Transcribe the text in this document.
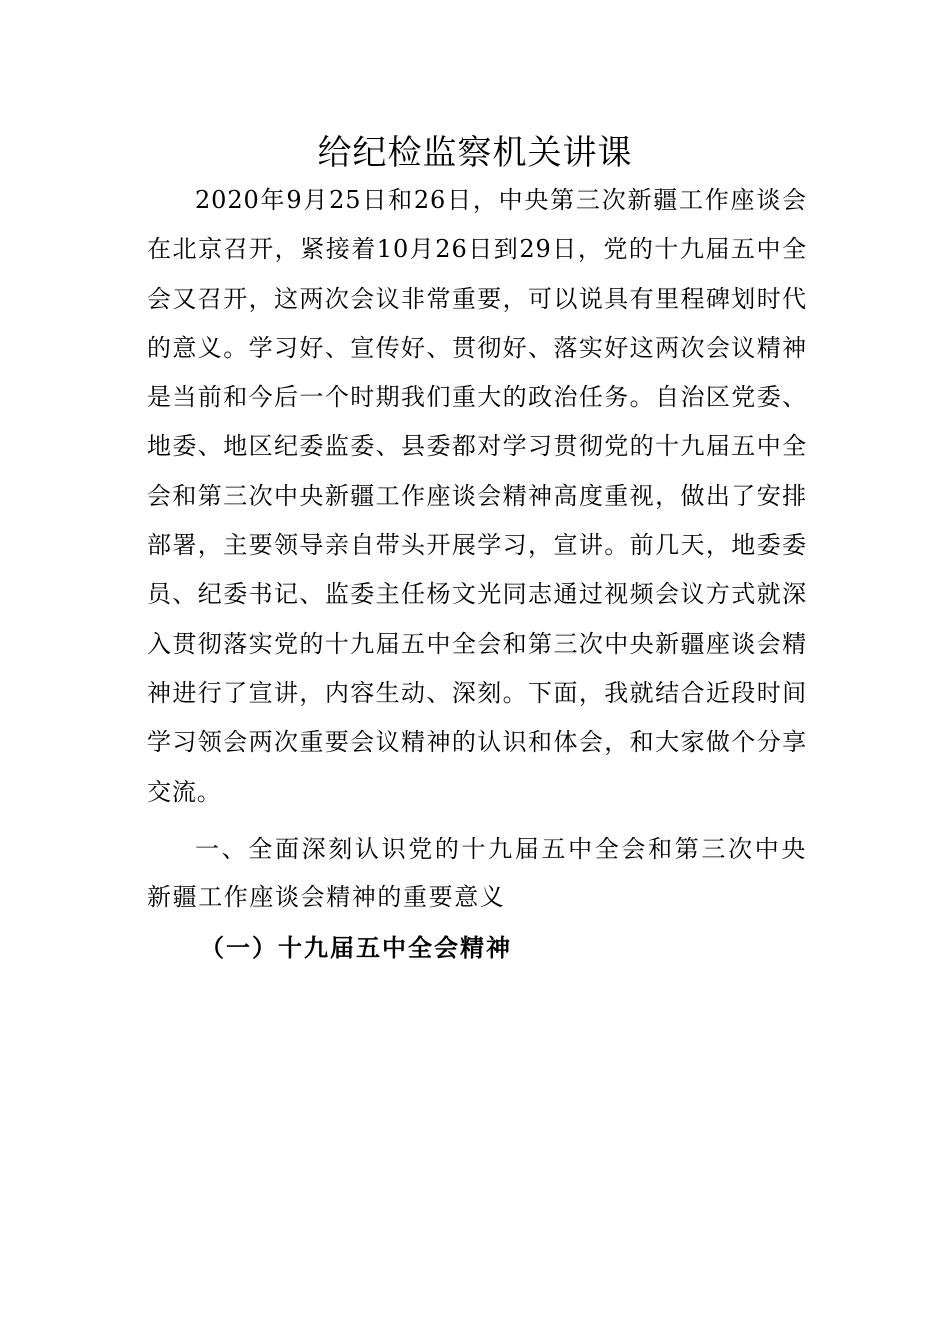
给纪检监察机关讲课

2020年9月25日和26日，中央第三次新疆工作座谈会在北京召开，紧接着10月26日到29日，党的十九届五中全会又召开，这两次会议非常重要，可以说具有里程碑划时代的意义。学习好、宣传好、贯彻好、落实好这两次会议精神是当前和今后一个时期我们重大的政治任务。自治区党委、地委、地区纪委监委、县委都对学习贯彻党的十九届五中全会和第三次中央新疆工作座谈会精神高度重视，做出了安排部署，主要领导亲自带头开展学习，宣讲。前几天，地委委员、纪委书记、监委主任杨文光同志通过视频会议方式就深入贯彻落实党的十九届五中全会和第三次中央新疆座谈会精神进行了宣讲，内容生动、深刻。下面，我就结合近段时间学习领会两次重要会议精神的认识和体会，和大家做个分享交流。

一、全面深刻认识党的十九届五中全会和第三次中央新疆工作座谈会精神的重要意义
（一）十九届五中全会精神
